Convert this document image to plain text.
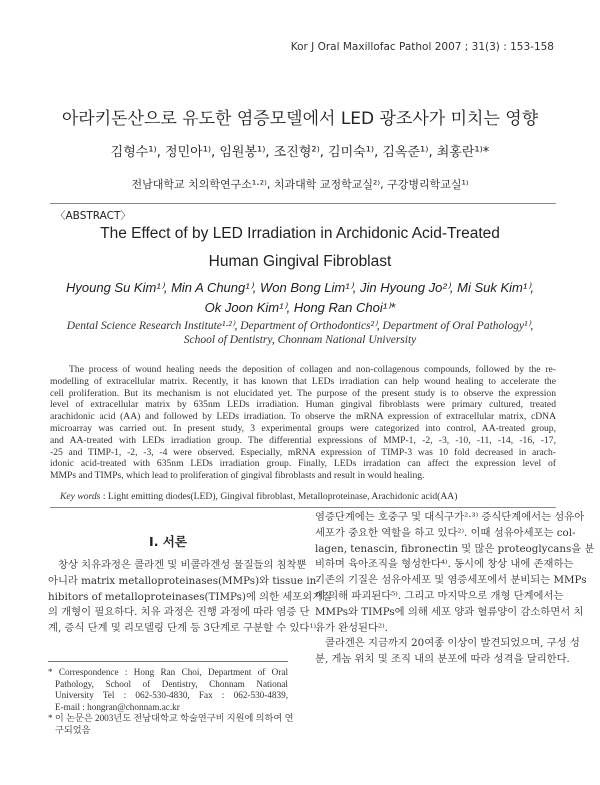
Kor J Oral Maxillofac Pathol 2007 ; 31(3) : 153-158
아라키돈산으로 유도한 염증모델에서 LED 광조사가 미치는 영향
김형수¹⁾, 정민아¹⁾, 임원봉¹⁾, 조진형²⁾, 김미숙¹⁾, 김옥준¹⁾, 최홍란¹⁾*
전남대학교 치의학연구소¹·²⁾, 치과대학 교정학교실²⁾, 구강병리학교실¹⁾
〈ABSTRACT〉
The Effect of by LED Irradiation in Archidonic Acid-Treated
Human Gingival Fibroblast
Hyoung Su Kim¹⁾, Min A Chung¹⁾, Won Bong Lim¹⁾, Jin Hyoung Jo²⁾, Mi Suk Kim¹⁾,
Ok Joon Kim¹⁾, Hong Ran Choi¹⁾*
Dental Science Research Institute¹·²⁾, Department of Orthodontics²⁾, Department of Oral Pathology¹⁾,
School of Dentistry, Chonnam National University
The process of wound healing needs the deposition of collagen and non-collagenous compounds, followed by the re-
modelling of extracellular matrix. Recently, it has known that LEDs irradiation can help wound healing to accelerate the
cell proliferation. But its mechanism is not elucidated yet. The purpose of the present study is to observe the expression
level of extracellular matrix by 635nm LEDs irradiation. Human gingival fibroblasts were primary cultured, treated
arachidonic acid (AA) and followed by LEDs irradiation. To observe the mRNA expression of extracellular matrix, cDNA
microarray was carried out. In present study, 3 experimental groups were categorized into control, AA-treated group,
and AA-treated with LEDs irradiation group. The differential expressions of MMP-1, -2, -3, -10, -11, -14, -16, -17,
-25 and TIMP-1, -2, -3, -4 were observed. Especially, mRNA expression of TIMP-3 was 10 fold decreased in arach-
idonic acid-treated with 635nm LEDs irradiation group. Finally, LEDs irradation can affect the expression level of
MMPs and TIMPs, which lead to proliferation of gingival fibroblasts and result in would healing.
Key words : Light emitting diodes(LED), Gingival fibroblast, Metalloproteinase, Arachidonic acid(AA)
I. 서론
창상 치유과정은 콜라겐 및 비콜라겐성 물질들의 침착뿐
아니라 matrix metalloproteinases(MMPs)와 tissue in-
hibitors of metalloproteinases(TIMPs)에 의한 세포외기질
의 개형이 필요하다. 치유 과정은 진행 과정에 따라 염증 단
계, 증식 단계 및 리모델링 단계 등 3단계로 구분할 수 있다¹⁾.
* Correspondence : Hong Ran Choi, Department of Oral
Pathology, School of Dentistry, Chonnam National
University Tel : 062-530-4830, Fax : 062-530-4839,
E-mail : hongran@chonnam.ac.kr
* 이 논문은 2003년도 전남대학교 학술연구비 지원에 의하여 연
구되었음
염증단계에는 호중구 및 대식구가²·³⁾ 증식단계에서는 섬유아
세포가 중요한 역할을 하고 있다²⁾. 이때 섬유아세포는 col-
lagen, tenascin, fibronectin 및 많은 proteoglycans을 분
비하며 육아조직을 형성한다⁴⁾. 동시에 창상 내에 존재하는
기존의 기질은 섬유아세포 및 염증세포에서 분비되는 MMPs
에 의해 파괴된다⁵⁾. 그리고 마지막으로 개형 단계에서는
MMPs와 TIMPs에 의해 세포 양과 혈류양이 감소하면서 치
유가 완성된다²⁾.
콜라겐은 지금까지 20여종 이상이 발견되었으며, 구성 성
분, 게놈 위치 및 조직 내의 분포에 따라 성격을 달리한다.
